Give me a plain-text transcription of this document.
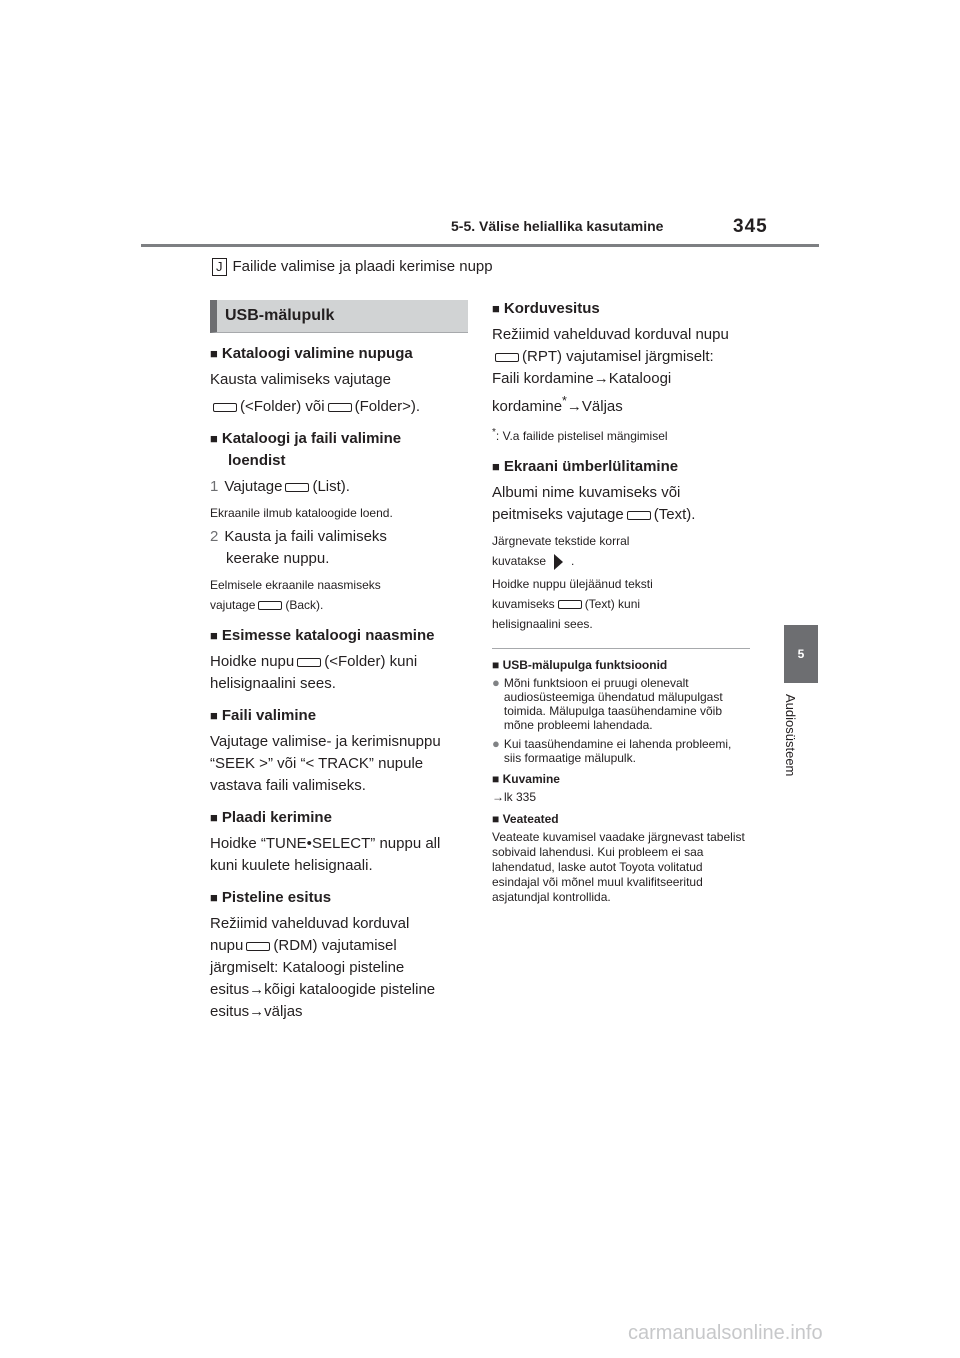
5-5. Välise heliallika kasutamine	345
5
Audiosüsteem
J Failide valimise ja plaadi kerimise nupp
USB-mälupulk
■ Kataloogi valimine nupuga

Kausta valimiseks vajutage

(<Folder) või (Folder>).

■ Kataloogi ja faili valimine
loendist

1 Vajutage (List).

Ekraanile ilmub kataloogide loend.

2 Kausta ja faili valimiseks
keerake nuppu.

Eelmisele ekraanile naasmiseks
vajutage	(Back).

■ Esimesse kataloogi naasmine

Hoidke nupu (<Folder) kuni
helisignaalini sees.

■ Faili valimine

Vajutage valimise- ja kerimisnuppu
“SEEK >” või “< TRACK” nupule
vastava faili valimiseks.

■ Plaadi kerimine

Hoidke “TUNE•SELECT” nuppu all
kuni kuulete helisignaali.

■ Pisteline esitus

Režiimid vahelduvad korduval
nupu (RDM) vajutamisel
järgmiselt: Kataloogi pisteline
esitus→kõigi kataloogide pisteline
esitus→väljas

■ Korduvesitus

Režiimid vahelduvad korduval nupu
(RPT) vajutamisel järgmiselt:
Faili kordamine→Kataloogi
kordamine*→Väljas

*: V.a failide pistelisel mängimisel

■ Ekraani ümberlülitamine

Albumi nime kuvamiseks või
peitmiseks vajutage (Text).

Järgnevate tekstide korral
kuvatakse .

Hoidke nuppu ülejäänud teksti
kuvamiseks	(Text) kuni
helisignaalini sees.

■ USB-mälupulga funktsioonid
● Mõni funktsioon ei pruugi olenevalt audiosüsteemiga ühendatud mälupulgast toimida. Mälupulga taasühendamine võib mõne probleemi lahendada.
● Kui taasühendamine ei lahenda probleemi, siis formaatige mälupulk.
■ Kuvamine

→lk 335

■ Veateated

Veateate kuvamisel vaadake järgnevast tabelist sobivaid lahendusi. Kui probleem ei saa lahendatud, laske autot Toyota volitatud esindajal või mõnel muul kvalifitseeritud asjatundjal kontrollida.

carmanualsonline.info
